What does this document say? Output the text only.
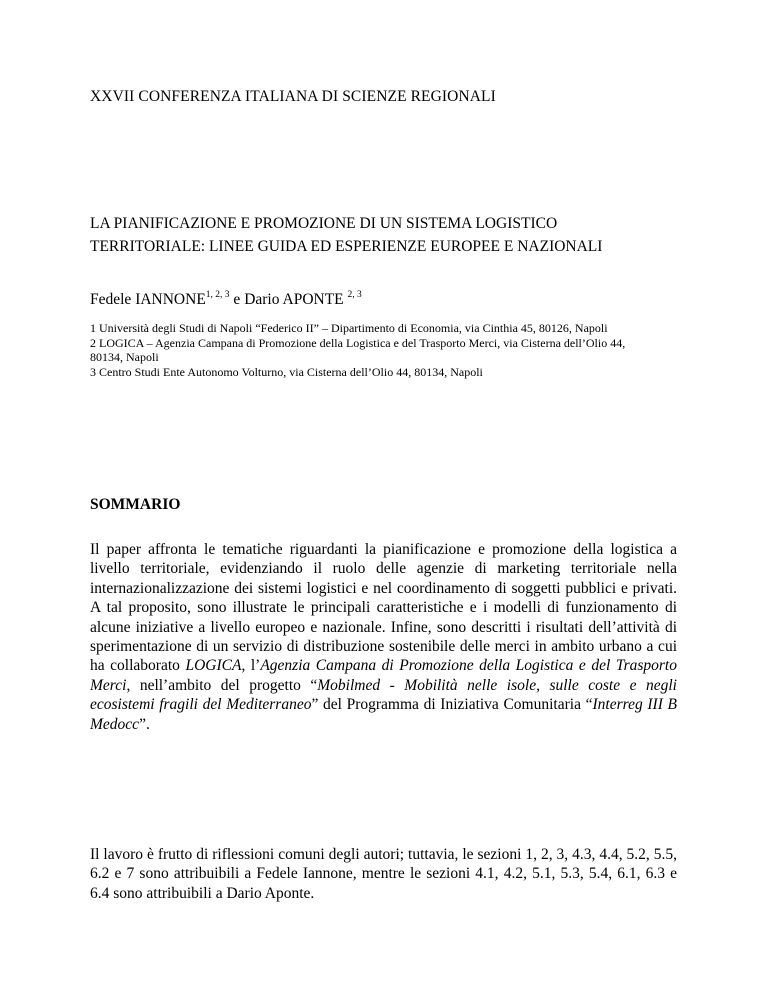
XXVII CONFERENZA ITALIANA DI SCIENZE REGIONALI

LA PIANIFICAZIONE E PROMOZIONE DI UN SISTEMA LOGISTICO
TERRITORIALE: LINEE GUIDA ED ESPERIENZE EUROPEE E NAZIONALI

Fedele IANNONE$^{1, 2, 3}$ e Dario APONTE $^{2, 3}$

1 Università degli Studi di Napoli “Federico II” – Dipartimento di Economia, via Cinthia 45, 80126, Napoli
2 LOGICA – Agenzia Campana di Promozione della Logistica e del Trasporto Merci, via Cisterna dell’Olio 44,
80134, Napoli
3 Centro Studi Ente Autonomo Volturno, via Cisterna dell’Olio 44, 80134, Napoli

SOMMARIO

Il paper affronta le tematiche riguardanti la pianificazione e promozione della logistica a
livello territoriale, evidenziando il ruolo delle agenzie di marketing territoriale nella
internazionalizzazione dei sistemi logistici e nel coordinamento di soggetti pubblici e privati.
A tal proposito, sono illustrate le principali caratteristiche e i modelli di funzionamento di
alcune iniziative a livello europeo e nazionale. Infine, sono descritti i risultati dell’attività di
sperimentazione di un servizio di distribuzione sostenibile delle merci in ambito urbano a cui
ha collaborato LOGICA, l’Agenzia Campana di Promozione della Logistica e del Trasporto
Merci, nell’ambito del progetto “Mobilmed - Mobilità nelle isole, sulle coste e negli
ecosistemi fragili del Mediterraneo” del Programma di Iniziativa Comunitaria “Interreg III B
Medocc”.
Il lavoro è frutto di riflessioni comuni degli autori; tuttavia, le sezioni 1, 2, 3, 4.3, 4.4, 5.2, 5.5,
6.2 e 7 sono attribuibili a Fedele Iannone, mentre le sezioni 4.1, 4.2, 5.1, 5.3, 5.4, 6.1, 6.3 e
6.4 sono attribuibili a Dario Aponte.
